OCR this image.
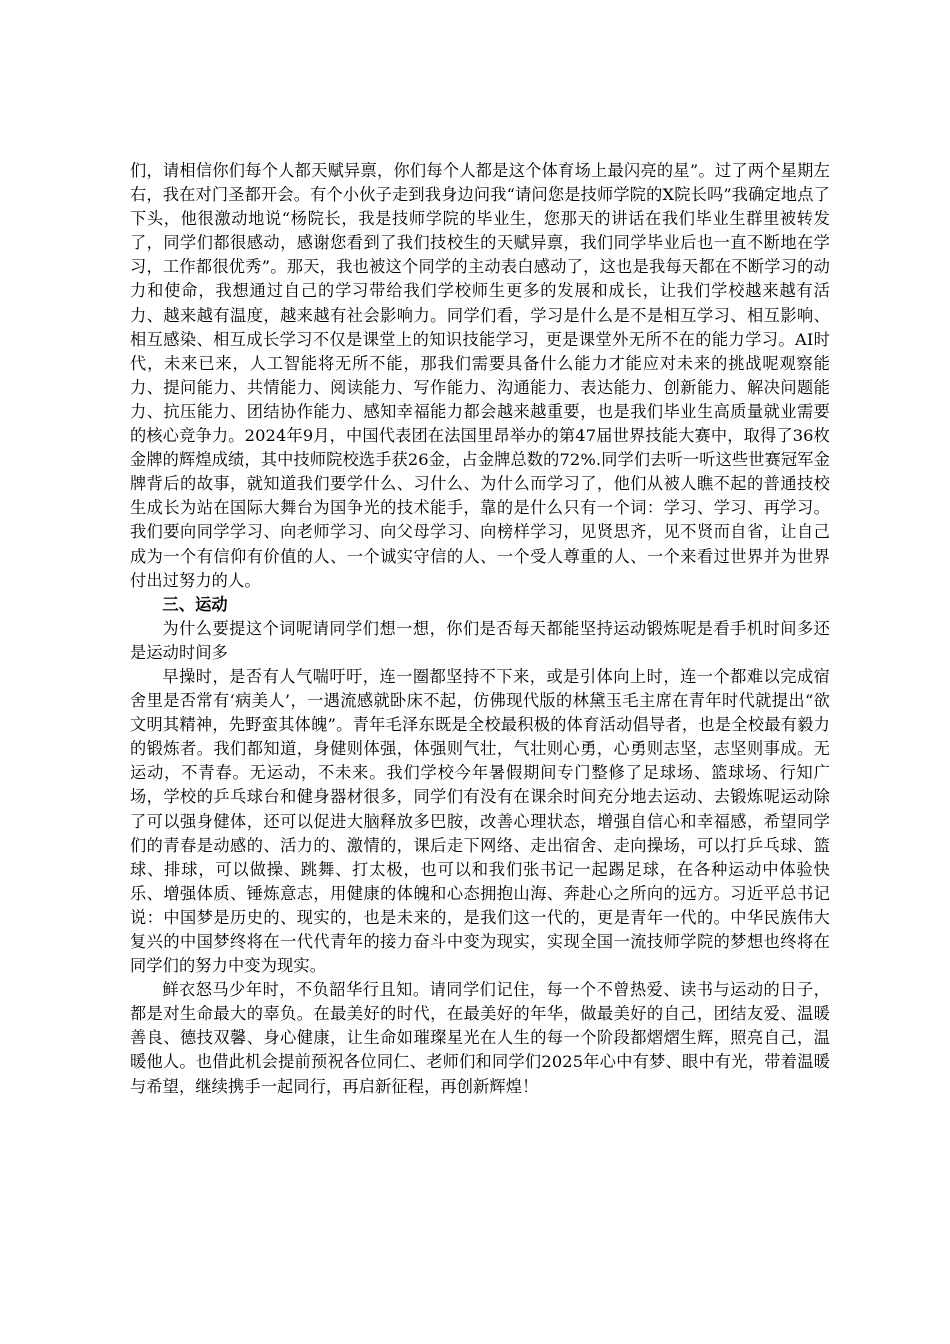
们，请相信你们每个人都天赋异禀，你们每个人都是这个体育场上最闪亮的星”。过了两个星期左右，我在对门圣都开会。有个小伙子走到我身边问我“请问您是技师学院的X院长吗”我确定地点了下头，他很激动地说“杨院长，我是技师学院的毕业生，您那天的讲话在我们毕业生群里被转发了，同学们都很感动，感谢您看到了我们技校生的天赋异禀，我们同学毕业后也一直不断地在学习，工作都很优秀”。那天，我也被这个同学的主动表白感动了，这也是我每天都在不断学习的动力和使命，我想通过自己的学习带给我们学校师生更多的发展和成长，让我们学校越来越有活力、越来越有温度，越来越有社会影响力。同学们看，学习是什么是不是相互学习、相互影响、相互感染、相互成长学习不仅是课堂上的知识技能学习，更是课堂外无所不在的能力学习。AI时代，未来已来，人工智能将无所不能，那我们需要具备什么能力才能应对未来的挑战呢观察能力、提问能力、共情能力、阅读能力、写作能力、沟通能力、表达能力、创新能力、解决问题能力、抗压能力、团结协作能力、感知幸福能力都会越来越重要，也是我们毕业生高质量就业需要的核心竞争力。2024年9月，中国代表团在法国里昂举办的第47届世界技能大赛中，取得了36枚金牌的辉煌成绩，其中技师院校选手获26金，占金牌总数的72%.同学们去听一听这些世赛冠军金牌背后的故事，就知道我们要学什么、习什么、为什么而学习了，他们从被人瞧不起的普通技校生成长为站在国际大舞台为国争光的技术能手，靠的是什么只有一个词：学习、学习、再学习。我们要向同学学习、向老师学习、向父母学习、向榜样学习，见贤思齐，见不贤而自省，让自己成为一个有信仰有价值的人、一个诚实守信的人、一个受人尊重的人、一个来看过世界并为世界付出过努力的人。

三、运动

为什么要提这个词呢请同学们想一想，你们是否每天都能坚持运动锻炼呢是看手机时间多还是运动时间多

早操时，是否有人气喘吁吁，连一圈都坚持不下来，或是引体向上时，连一个都难以完成宿舍里是否常有‘病美人’，一遇流感就卧床不起，仿佛现代版的林黛玉毛主席在青年时代就提出“欲文明其精神，先野蛮其体魄”。青年毛泽东既是全校最积极的体育活动倡导者，也是全校最有毅力的锻炼者。我们都知道，身健则体强，体强则气壮，气壮则心勇，心勇则志坚，志坚则事成。无运动，不青春。无运动，不未来。我们学校今年暑假期间专门整修了足球场、篮球场、行知广场，学校的乒乓球台和健身器材很多，同学们有没有在课余时间充分地去运动、去锻炼呢运动除了可以强身健体，还可以促进大脑释放多巴胺，改善心理状态，增强自信心和幸福感，希望同学们的青春是动感的、活力的、激情的，课后走下网络、走出宿舍、走向操场，可以打乒乓球、篮球、排球，可以做操、跳舞、打太极，也可以和我们张书记一起踢足球，在各种运动中体验快乐、增强体质、锤炼意志，用健康的体魄和心态拥抱山海、奔赴心之所向的远方。习近平总书记说：中国梦是历史的、现实的，也是未来的，是我们这一代的，更是青年一代的。中华民族伟大复兴的中国梦终将在一代代青年的接力奋斗中变为现实，实现全国一流技师学院的梦想也终将在同学们的努力中变为现实。

鲜衣怒马少年时，不负韶华行且知。请同学们记住，每一个不曾热爱、读书与运动的日子，都是对生命最大的辜负。在最美好的时代，在最美好的年华，做最美好的自己，团结友爱、温暖善良、德技双馨、身心健康，让生命如璀璨星光在人生的每一个阶段都熠熠生辉，照亮自己，温暖他人。也借此机会提前预祝各位同仁、老师们和同学们2025年心中有梦、眼中有光，带着温暖与希望，继续携手一起同行，再启新征程，再创新辉煌！
